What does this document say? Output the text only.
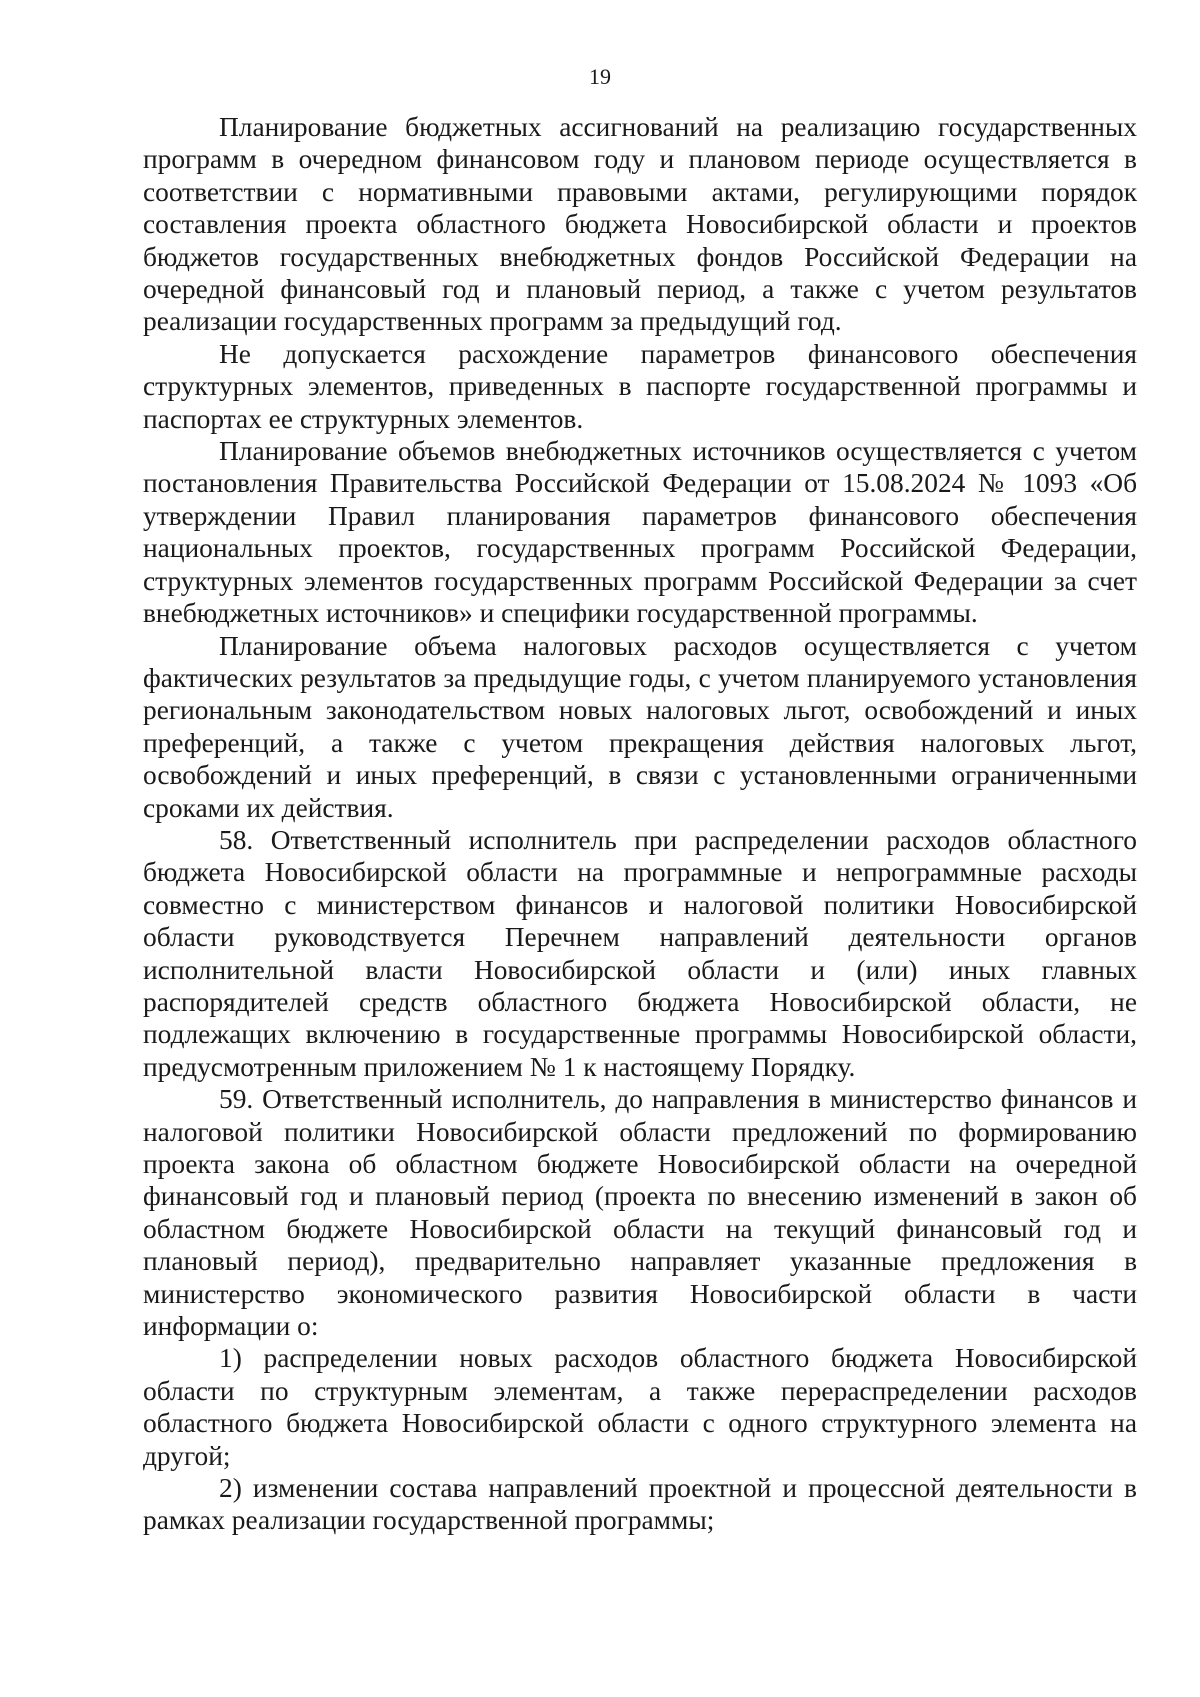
19

Планирование бюджетных ассигнований на реализацию государственных программ в очередном финансовом году и плановом периоде осуществляется в соответствии с нормативными правовыми актами, регулирующими порядок составления проекта областного бюджета Новосибирской области и проектов бюджетов государственных внебюджетных фондов Российской Федерации на очередной финансовый год и плановый период, а также с учетом результатов реализации государственных программ за предыдущий год.

Не допускается расхождение параметров финансового обеспечения структурных элементов, приведенных в паспорте государственной программы и паспортах ее структурных элементов.

Планирование объемов внебюджетных источников осуществляется с учетом постановления Правительства Российской Федерации от 15.08.2024 № 1093 «Об утверждении Правил планирования параметров финансового обеспечения национальных проектов, государственных программ Российской Федерации, структурных элементов государственных программ Российской Федерации за счет внебюджетных источников» и специфики государственной программы.

Планирование объема налоговых расходов осуществляется с учетом фактических результатов за предыдущие годы, с учетом планируемого установления региональным законодательством новых налоговых льгот, освобождений и иных преференций, а также с учетом прекращения действия налоговых льгот, освобождений и иных преференций, в связи с установленными ограниченными сроками их действия.

58. Ответственный исполнитель при распределении расходов областного бюджета Новосибирской области на программные и непрограммные расходы совместно с министерством финансов и налоговой политики Новосибирской области руководствуется Перечнем направлений деятельности органов исполнительной власти Новосибирской области и (или) иных главных распорядителей средств областного бюджета Новосибирской области, не подлежащих включению в государственные программы Новосибирской области, предусмотренным приложением № 1 к настоящему Порядку.

59. Ответственный исполнитель, до направления в министерство финансов и налоговой политики Новосибирской области предложений по формированию проекта закона об областном бюджете Новосибирской области на очередной финансовый год и плановый период (проекта по внесению изменений в закон об областном бюджете Новосибирской области на текущий финансовый год и плановый период), предварительно направляет указанные предложения в министерство экономического развития Новосибирской области в части информации о:

1) распределении новых расходов областного бюджета Новосибирской области по структурным элементам, а также перераспределении расходов областного бюджета Новосибирской области с одного структурного элемента на другой;

2) изменении состава направлений проектной и процессной деятельности в рамках реализации государственной программы;
